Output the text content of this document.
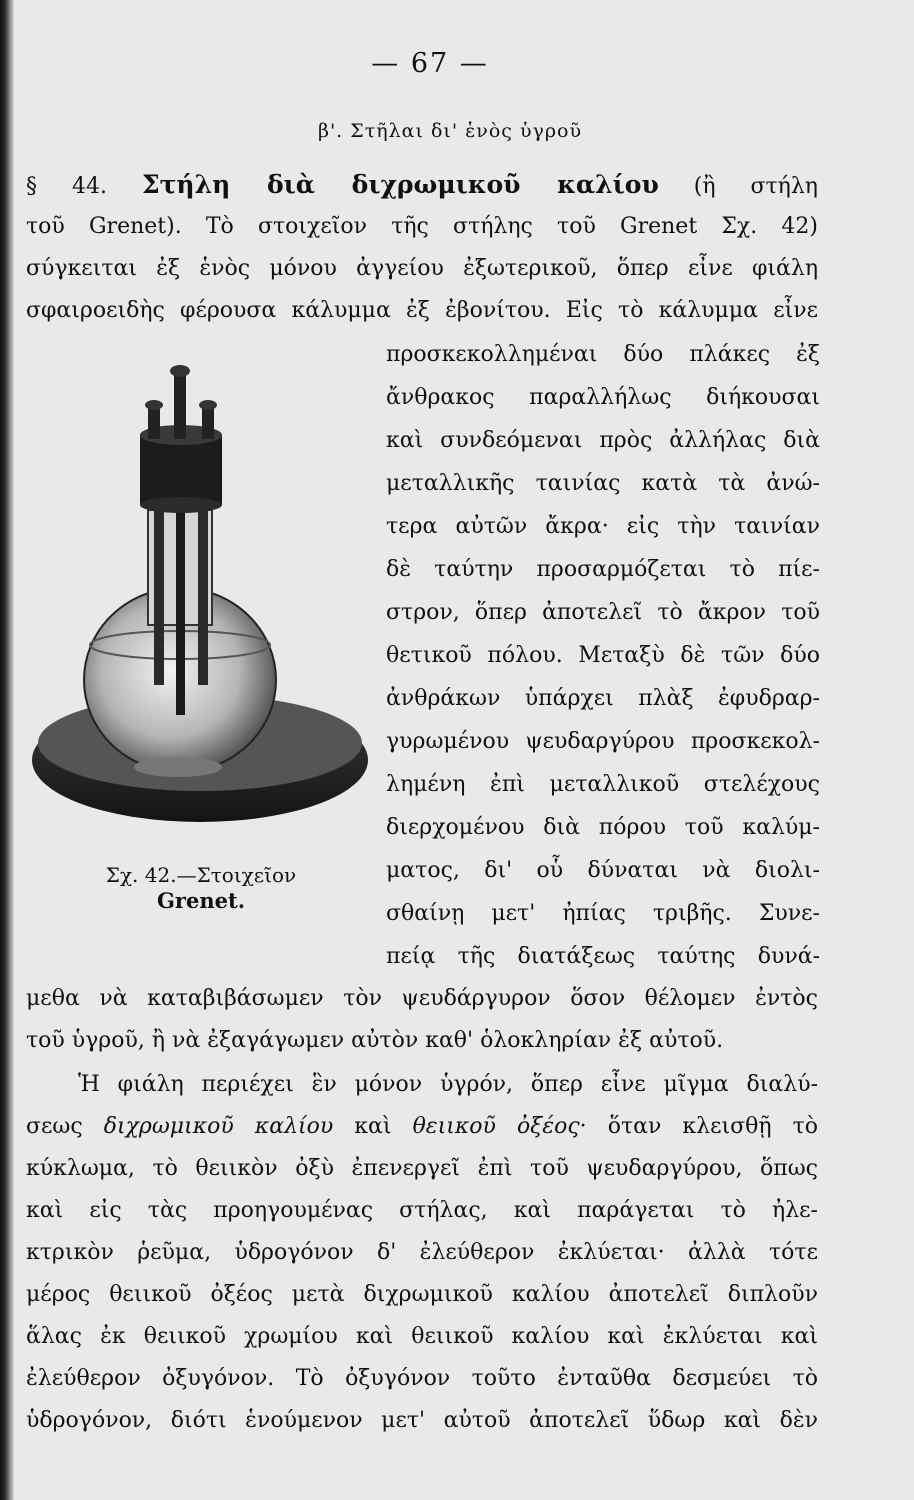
— 67 —
β'. Στῆλαι δι' ἑνὸς ὑγροῦ
§ 44. Στήλη διὰ διχρωμικοῦ καλίου (ἢ στήλη
τοῦ Grenet). Τὸ στοιχεῖον τῆς στήλης τοῦ Grenet Σχ. 42)
σύγκειται ἐξ ἑνὸς μόνου ἀγγείου ἐξωτερικοῦ, ὅπερ εἶνε φιάλη
σφαιροειδὴς φέρουσα κάλυμμα ἐξ ἐβονίτου. Εἰς τὸ κάλυμμα εἶνε
προσκεκολλημέναι δύο πλάκες ἐξ
ἄνθρακος παραλλήλως διήκουσαι
καὶ συνδεόμεναι πρὸς ἀλλήλας διὰ
μεταλλικῆς ταινίας κατὰ τὰ ἀνώ-
τερα αὐτῶν ἄκρα· εἰς τὴν ταινίαν
δὲ ταύτην προσαρμόζεται τὸ πίε-
στρον, ὅπερ ἀποτελεῖ τὸ ἄκρον τοῦ
θετικοῦ πόλου. Μεταξὺ δὲ τῶν δύο
ἀνθράκων ὑπάρχει πλὰξ ἐφυδραρ-
γυρωμένου ψευδαργύρου προσκεκολ-
λημένη ἐπὶ μεταλλικοῦ στελέχους
διερχομένου διὰ πόρου τοῦ καλύμ-
ματος, δι' οὗ δύναται νὰ διολι-
σθαίνῃ μετ' ἠπίας τριβῆς. Συνε-
πείᾳ τῆς διατάξεως ταύτης δυνά-
Σχ. 42.—Στοιχεῖον
Grenet.
μεθα νὰ καταβιβάσωμεν τὸν ψευδάργυρον ὅσον θέλομεν ἐντὸς
τοῦ ὑγροῦ, ἢ νὰ ἐξαγάγωμεν αὐτὸν καθ' ὁλοκληρίαν ἐξ αὐτοῦ.
Ἡ φιάλη περιέχει ἓν μόνον ὑγρόν, ὅπερ εἶνε μῖγμα διαλύ-
σεως διχρωμικοῦ καλίου καὶ θειικοῦ ὀξέος· ὅταν κλεισθῇ τὸ
κύκλωμα, τὸ θειικὸν ὀξὺ ἐπενεργεῖ ἐπὶ τοῦ ψευδαργύρου, ὅπως
καὶ εἰς τὰς προηγουμένας στήλας, καὶ παράγεται τὸ ἠλε-
κτρικὸν ῥεῦμα, ὑδρογόνον δ' ἐλεύθερον ἐκλύεται· ἀλλὰ τότε
μέρος θειικοῦ ὀξέος μετὰ διχρωμικοῦ καλίου ἀποτελεῖ διπλοῦν
ἅλας ἐκ θειικοῦ χρωμίου καὶ θειικοῦ καλίου καὶ ἐκλύεται καὶ
ἐλεύθερον ὀξυγόνον. Τὸ ὀξυγόνον τοῦτο ἐνταῦθα δεσμεύει τὸ
ὑδρογόνον, διότι ἑνούμενον μετ' αὐτοῦ ἀποτελεῖ ὕδωρ καὶ δὲν
